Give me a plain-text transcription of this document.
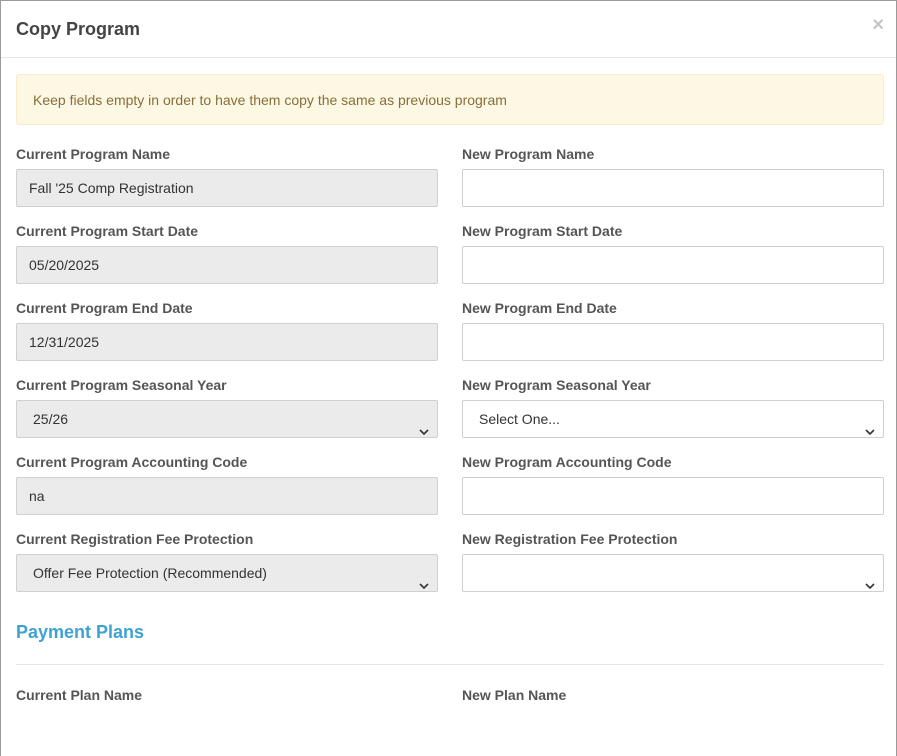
Copy Program	×
Keep fields empty in order to have them copy the same as previous program
Current Program Name
Fall '25 Comp Registration
New Program Name
Current Program Start Date
05/20/2025
New Program Start Date
Current Program End Date
12/31/2025
New Program End Date
Current Program Seasonal Year
25/26
New Program Seasonal Year
Select One...
Current Program Accounting Code
na
New Program Accounting Code
Current Registration Fee Protection
Offer Fee Protection (Recommended)
New Registration Fee Protection
Payment Plans
Current Plan Name	New Plan Name
